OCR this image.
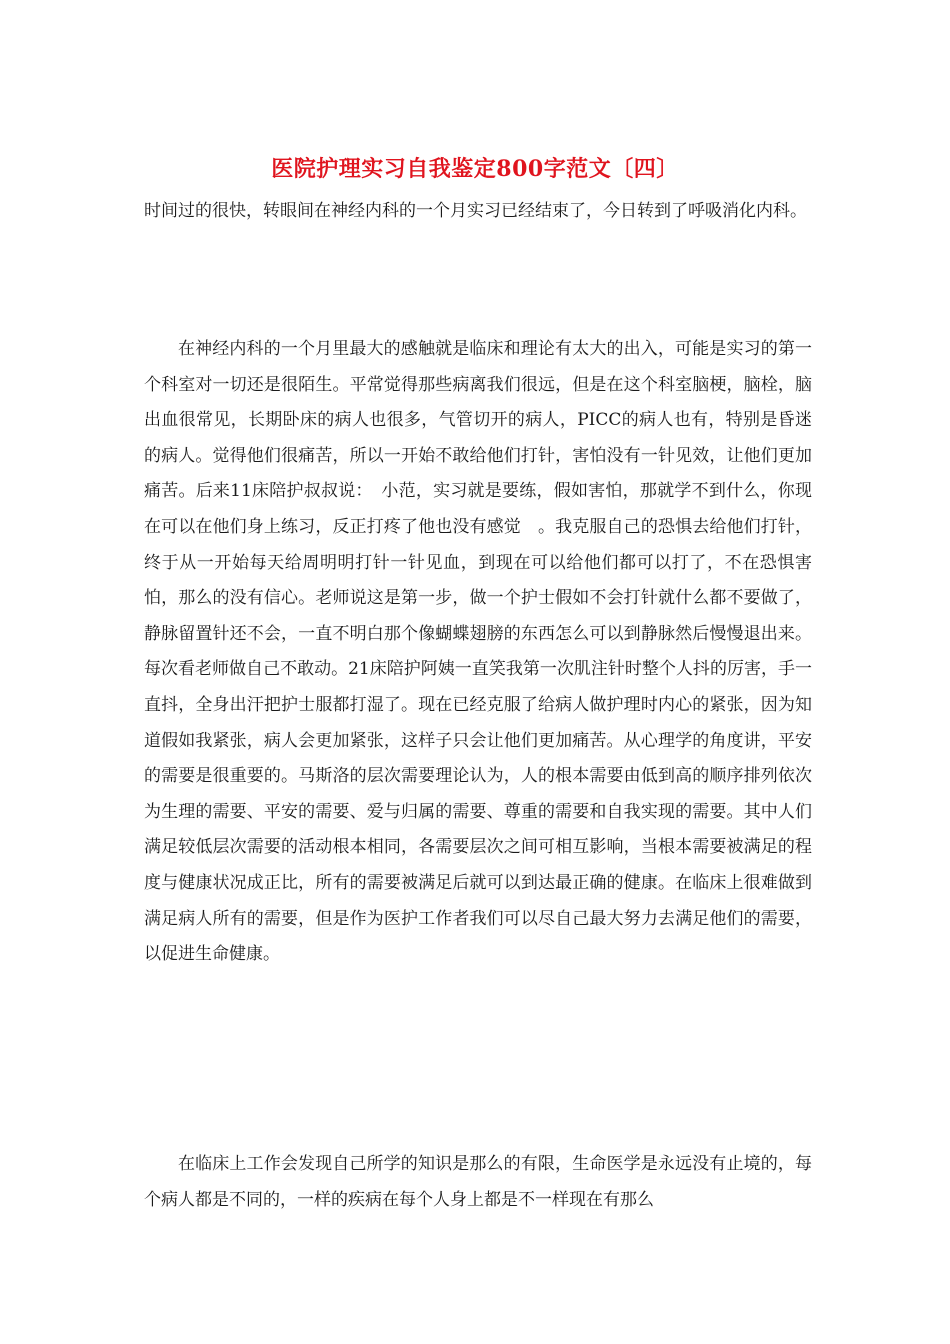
医院护理实习自我鉴定800字范文〔四〕

时间过的很快，转眼间在神经内科的一个月实习已经结束了，今日转到了呼吸消化内科。

在神经内科的一个月里最大的感触就是临床和理论有太大的出入，可能是实习的第一个科室对一切还是很陌生。平常觉得那些病离我们很远，但是在这个科室脑梗，脑栓，脑出血很常见，长期卧床的病人也很多，气管切开的病人，PICC的病人也有，特别是昏迷的病人。觉得他们很痛苦，所以一开始不敢给他们打针，害怕没有一针见效，让他们更加痛苦。后来11床陪护叔叔说：　小范，实习就是要练，假如害怕，那就学不到什么，你现在可以在他们身上练习，反正打疼了他也没有感觉　。我克服自己的恐惧去给他们打针，终于从一开始每天给周明明打针一针见血，到现在可以给他们都可以打了，不在恐惧害怕，那么的没有信心。老师说这是第一步，做一个护士假如不会打针就什么都不要做了，静脉留置针还不会，一直不明白那个像蝴蝶翅膀的东西怎么可以到静脉然后慢慢退出来。每次看老师做自己不敢动。21床陪护阿姨一直笑我第一次肌注针时整个人抖的厉害，手一直抖，全身出汗把护士服都打湿了。现在已经克服了给病人做护理时内心的紧张，因为知道假如我紧张，病人会更加紧张，这样子只会让他们更加痛苦。从心理学的角度讲，平安的需要是很重要的。马斯洛的层次需要理论认为，人的根本需要由低到高的顺序排列依次为生理的需要、平安的需要、爱与归属的需要、尊重的需要和自我实现的需要。其中人们满足较低层次需要的活动根本相同，各需要层次之间可相互影响，当根本需要被满足的程度与健康状况成正比，所有的需要被满足后就可以到达最正确的健康。在临床上很难做到满足病人所有的需要，但是作为医护工作者我们可以尽自己最大努力去满足他们的需要，以促进生命健康。

在临床上工作会发现自己所学的知识是那么的有限，生命医学是永远没有止境的，每个病人都是不同的，一样的疾病在每个人身上都是不一样现在有那么
